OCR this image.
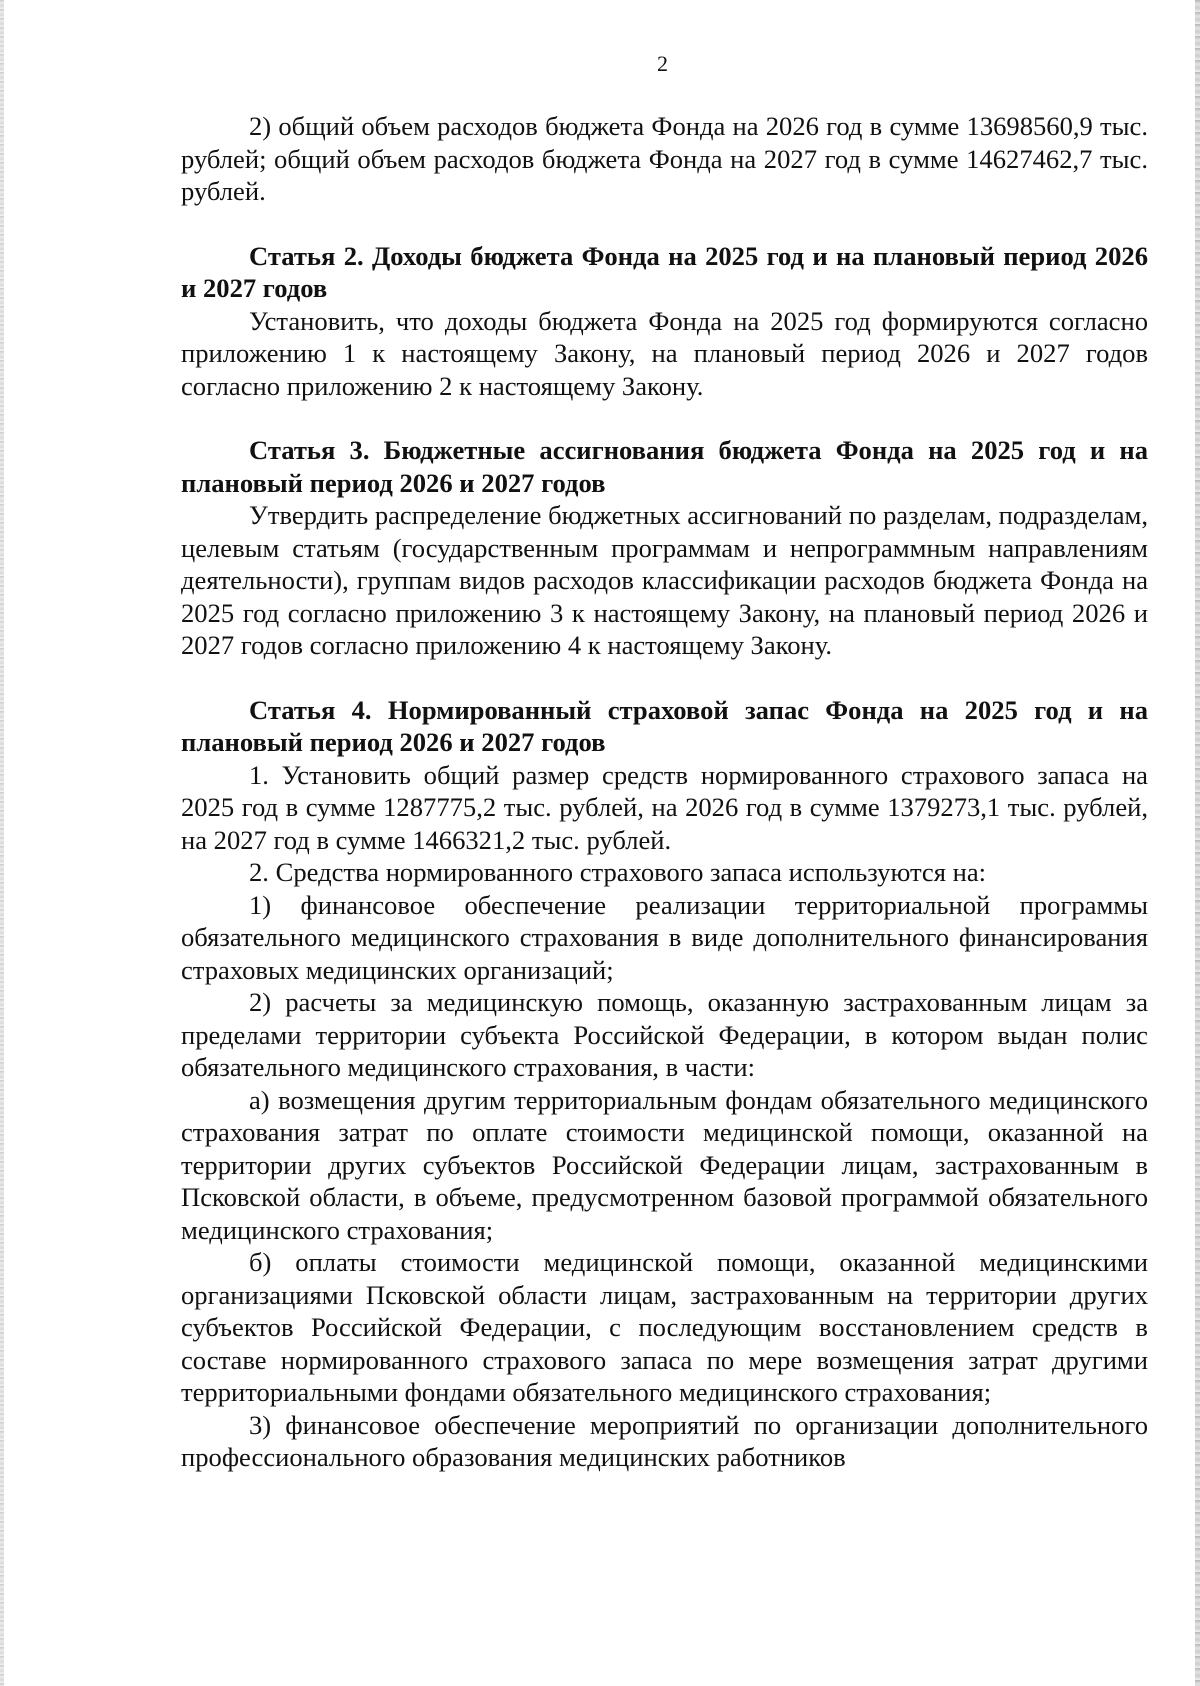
2

2) общий объем расходов бюджета Фонда на 2026 год в сумме 13698560,9 тыс. рублей; общий объем расходов бюджета Фонда на 2027 год в сумме 14627462,7 тыс. рублей.

Статья 2. Доходы бюджета Фонда на 2025 год и на плановый период 2026 и 2027 годов

Установить, что доходы бюджета Фонда на 2025 год формируются согласно приложению 1 к настоящему Закону, на плановый период 2026 и 2027 годов согласно приложению 2 к настоящему Закону.

Статья 3. Бюджетные ассигнования бюджета Фонда на 2025 год и на плановый период 2026 и 2027 годов

Утвердить распределение бюджетных ассигнований по разделам, подразделам, целевым статьям (государственным программам и непрограммным направлениям деятельности), группам видов расходов классификации расходов бюджета Фонда на 2025 год согласно приложению 3 к настоящему Закону, на плановый период 2026 и 2027 годов согласно приложению 4 к настоящему Закону.

Статья 4. Нормированный страховой запас Фонда на 2025 год и на плановый период 2026 и 2027 годов

1. Установить общий размер средств нормированного страхового запаса на 2025 год в сумме 1287775,2 тыс. рублей, на 2026 год в сумме 1379273,1 тыс. рублей, на 2027 год в сумме 1466321,2 тыс. рублей.

2. Средства нормированного страхового запаса используются на:

1) финансовое обеспечение реализации территориальной программы обязательного медицинского страхования в виде дополнительного финансирования страховых медицинских организаций;

2) расчеты за медицинскую помощь, оказанную застрахованным лицам за пределами территории субъекта Российской Федерации, в котором выдан полис обязательного медицинского страхования, в части:

а) возмещения другим территориальным фондам обязательного медицинского страхования затрат по оплате стоимости медицинской помощи, оказанной на территории других субъектов Российской Федерации лицам, застрахованным в Псковской области, в объеме, предусмотренном базовой программой обязательного медицинского страхования;

б) оплаты стоимости медицинской помощи, оказанной медицинскими организациями Псковской области лицам, застрахованным на территории других субъектов Российской Федерации, с последующим восстановлением средств в составе нормированного страхового запаса по мере возмещения затрат другими территориальными фондами обязательного медицинского страхования;

3) финансовое обеспечение мероприятий по организации дополнительного профессионального образования медицинских работников
